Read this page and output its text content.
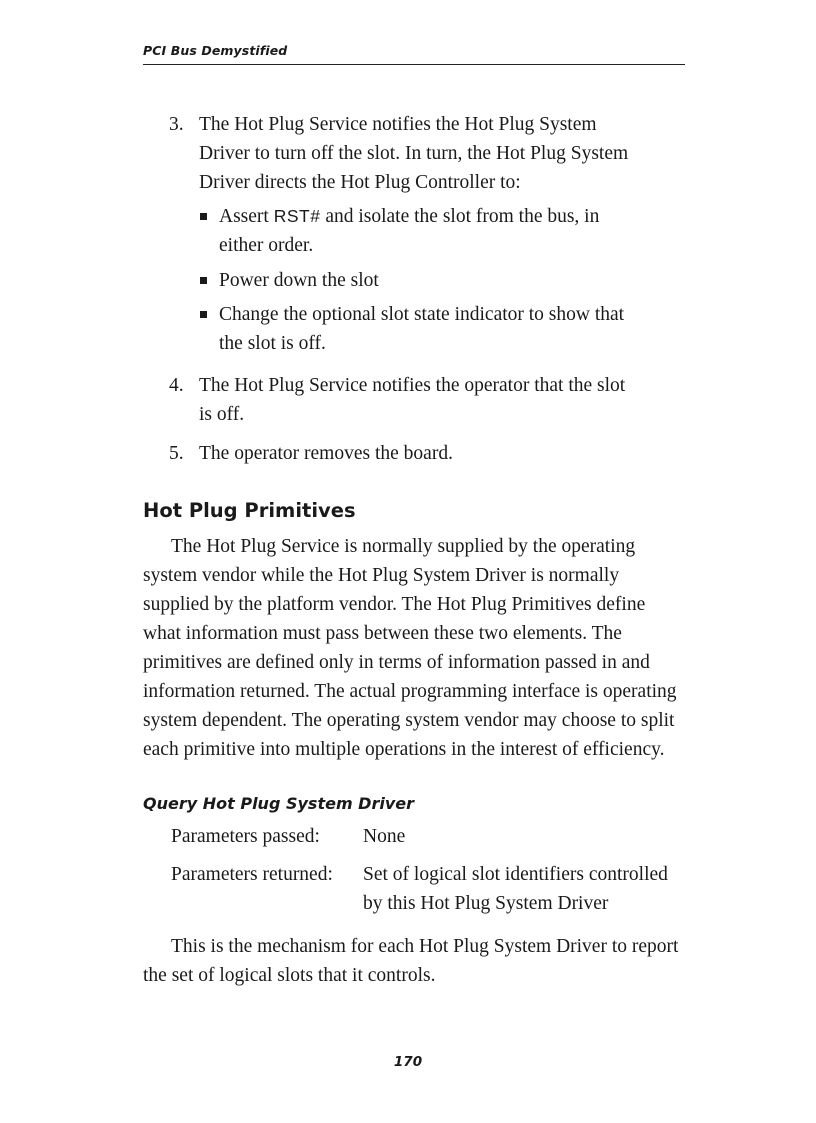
PCI Bus Demystified
3. The Hot Plug Service notifies the Hot Plug System Driver to turn off the slot. In turn, the Hot Plug System Driver directs the Hot Plug Controller to:
Assert RST# and isolate the slot from the bus, in either order.
Power down the slot
Change the optional slot state indicator to show that the slot is off.
4. The Hot Plug Service notifies the operator that the slot is off.
5. The operator removes the board.
Hot Plug Primitives

The Hot Plug Service is normally supplied by the operating system vendor while the Hot Plug System Driver is normally supplied by the platform vendor. The Hot Plug Primitives define what information must pass between these two elements. The primitives are defined only in terms of information passed in and information returned. The actual programming interface is operating system dependent. The operating system vendor may choose to split each primitive into multiple operations in the interest of efficiency.

Query Hot Plug System Driver
Parameters passed: None
Parameters returned: Set of logical slot identifiers controlled by this Hot Plug System Driver

This is the mechanism for each Hot Plug System Driver to report the set of logical slots that it controls.

170
